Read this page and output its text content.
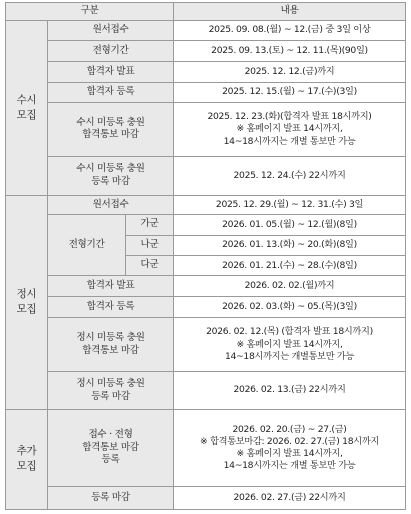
구분			내용

수시
모집	원서접수		2025. 09. 08.(월) ~ 12.(금) 중 3일 이상

	전형기간		2025. 09. 13.(토) ~ 12. 11.(목)(90일)

	합격자 발표		2025. 12. 12.(금)까지

	합격자 등록		2025. 12. 15.(월) ~ 17.(수)(3일)

	수시 미등록 충원
합격통보 마감		2025. 12. 23.(화)(합격자 발표 18시까지)
※ 홈페이지 발표 14시까지,
14~18시까지는 개별 통보만 가능

	수시 미등록 충원
등록 마감		2025. 12. 24.(수) 22시까지

정시
모집	원서접수		2025. 12. 29.(월) ~ 12. 31.(수) 3일

	전형기간	가군	2026. 01. 05.(월) ~ 12.(월)(8일)

		나군	2026. 01. 13.(화) ~ 20.(화)(8일)

		다군	2026. 01. 21.(수) ~ 28.(수)(8일)

	합격자 발표		2026. 02. 02.(월)까지

	합격자 등록		2026. 02. 03.(화) ~ 05.(목)(3일)

	정시 미등록 충원
합격통보 마감		2026. 02. 12.(목) (합격자 발표 18시까지)
※ 홈페이지 발표 14시까지,
14~18시까지는 개별통보만 가능

	정시 미등록 충원
등록 마감		2026. 02. 13.(금) 22시까지

추가
모집	접수 · 전형
합격통보 마감
등록		2026. 02. 20.(금) ~ 27.(금)
※ 합격통보마감: 2026. 02. 27.(금) 18시까지
※ 홈페이지 발표 14시까지,
14~18시까지는 개별 통보만 가능

	등록 마감		2026. 02. 27.(금) 22시까지
